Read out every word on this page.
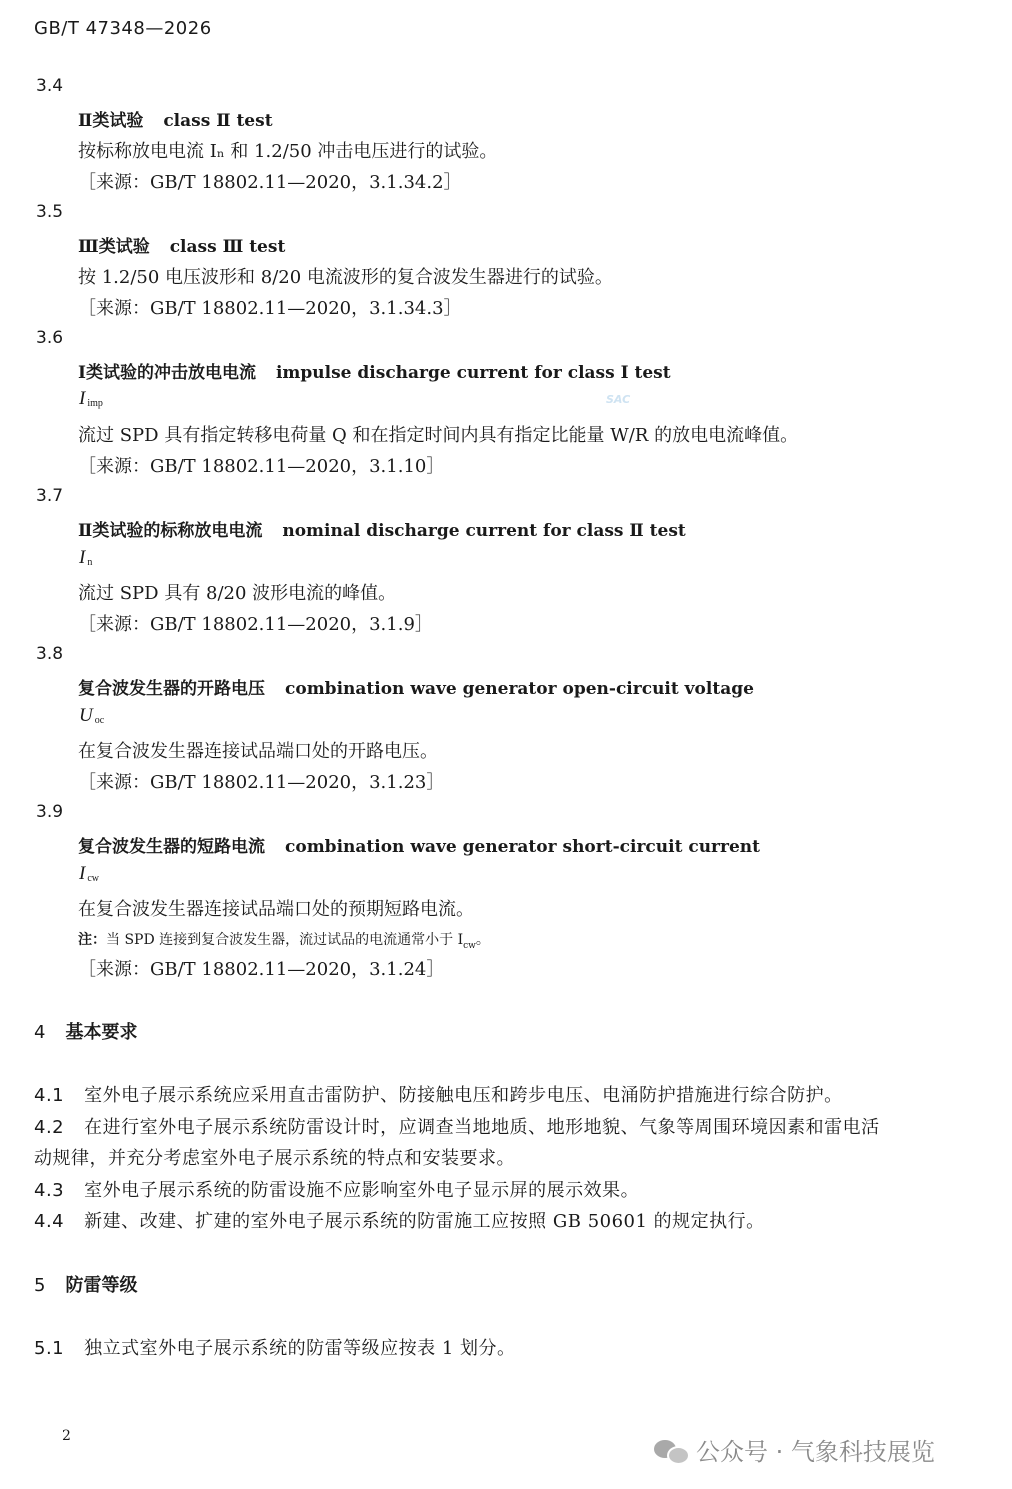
GB/T 47348—2026
3.4
Ⅱ类试验 class Ⅱ test
按标称放电电流 Iₙ 和 1.2/50 冲击电压进行的试验。
［来源：GB/T 18802.11—2020，3.1.34.2］
3.5
Ⅲ类试验 class Ⅲ test
按 1.2/50 电压波形和 8/20 电流波形的复合波发生器进行的试验。
［来源：GB/T 18802.11—2020，3.1.34.3］
3.6
Ⅰ类试验的冲击放电电流 impulse discharge current for class Ⅰ test
I $_{imp}$	SAC
流过 SPD 具有指定转移电荷量 Q 和在指定时间内具有指定比能量 W/R 的放电电流峰值。
［来源：GB/T 18802.11—2020，3.1.10］
3.7
Ⅱ类试验的标称放电电流 nominal discharge current for class Ⅱ test
I $_n$
流过 SPD 具有 8/20 波形电流的峰值。
［来源：GB/T 18802.11—2020，3.1.9］
3.8
复合波发生器的开路电压 combination wave generator open-circuit voltage
U $_{oc}$
在复合波发生器连接试品端口处的开路电压。
［来源：GB/T 18802.11—2020，3.1.23］
3.9
复合波发生器的短路电流 combination wave generator short-circuit current
I $_{cw}$
在复合波发生器连接试品端口处的预期短路电流。
注：当 SPD 连接到复合波发生器，流过试品的电流通常小于 $I_{cw}$。
［来源：GB/T 18802.11—2020，3.1.24］
4 基本要求
4.1 室外电子展示系统应采用直击雷防护、防接触电压和跨步电压、电涌防护措施进行综合防护。
4.2 在进行室外电子展示系统防雷设计时，应调查当地地质、地形地貌、气象等周围环境因素和雷电活
动规律，并充分考虑室外电子展示系统的特点和安装要求。
4.3 室外电子展示系统的防雷设施不应影响室外电子显示屏的展示效果。
4.4 新建、改建、扩建的室外电子展示系统的防雷施工应按照 GB 50601 的规定执行。
5 防雷等级
5.1 独立式室外电子展示系统的防雷等级应按表 1 划分。
2
公众号 · 气象科技展览
